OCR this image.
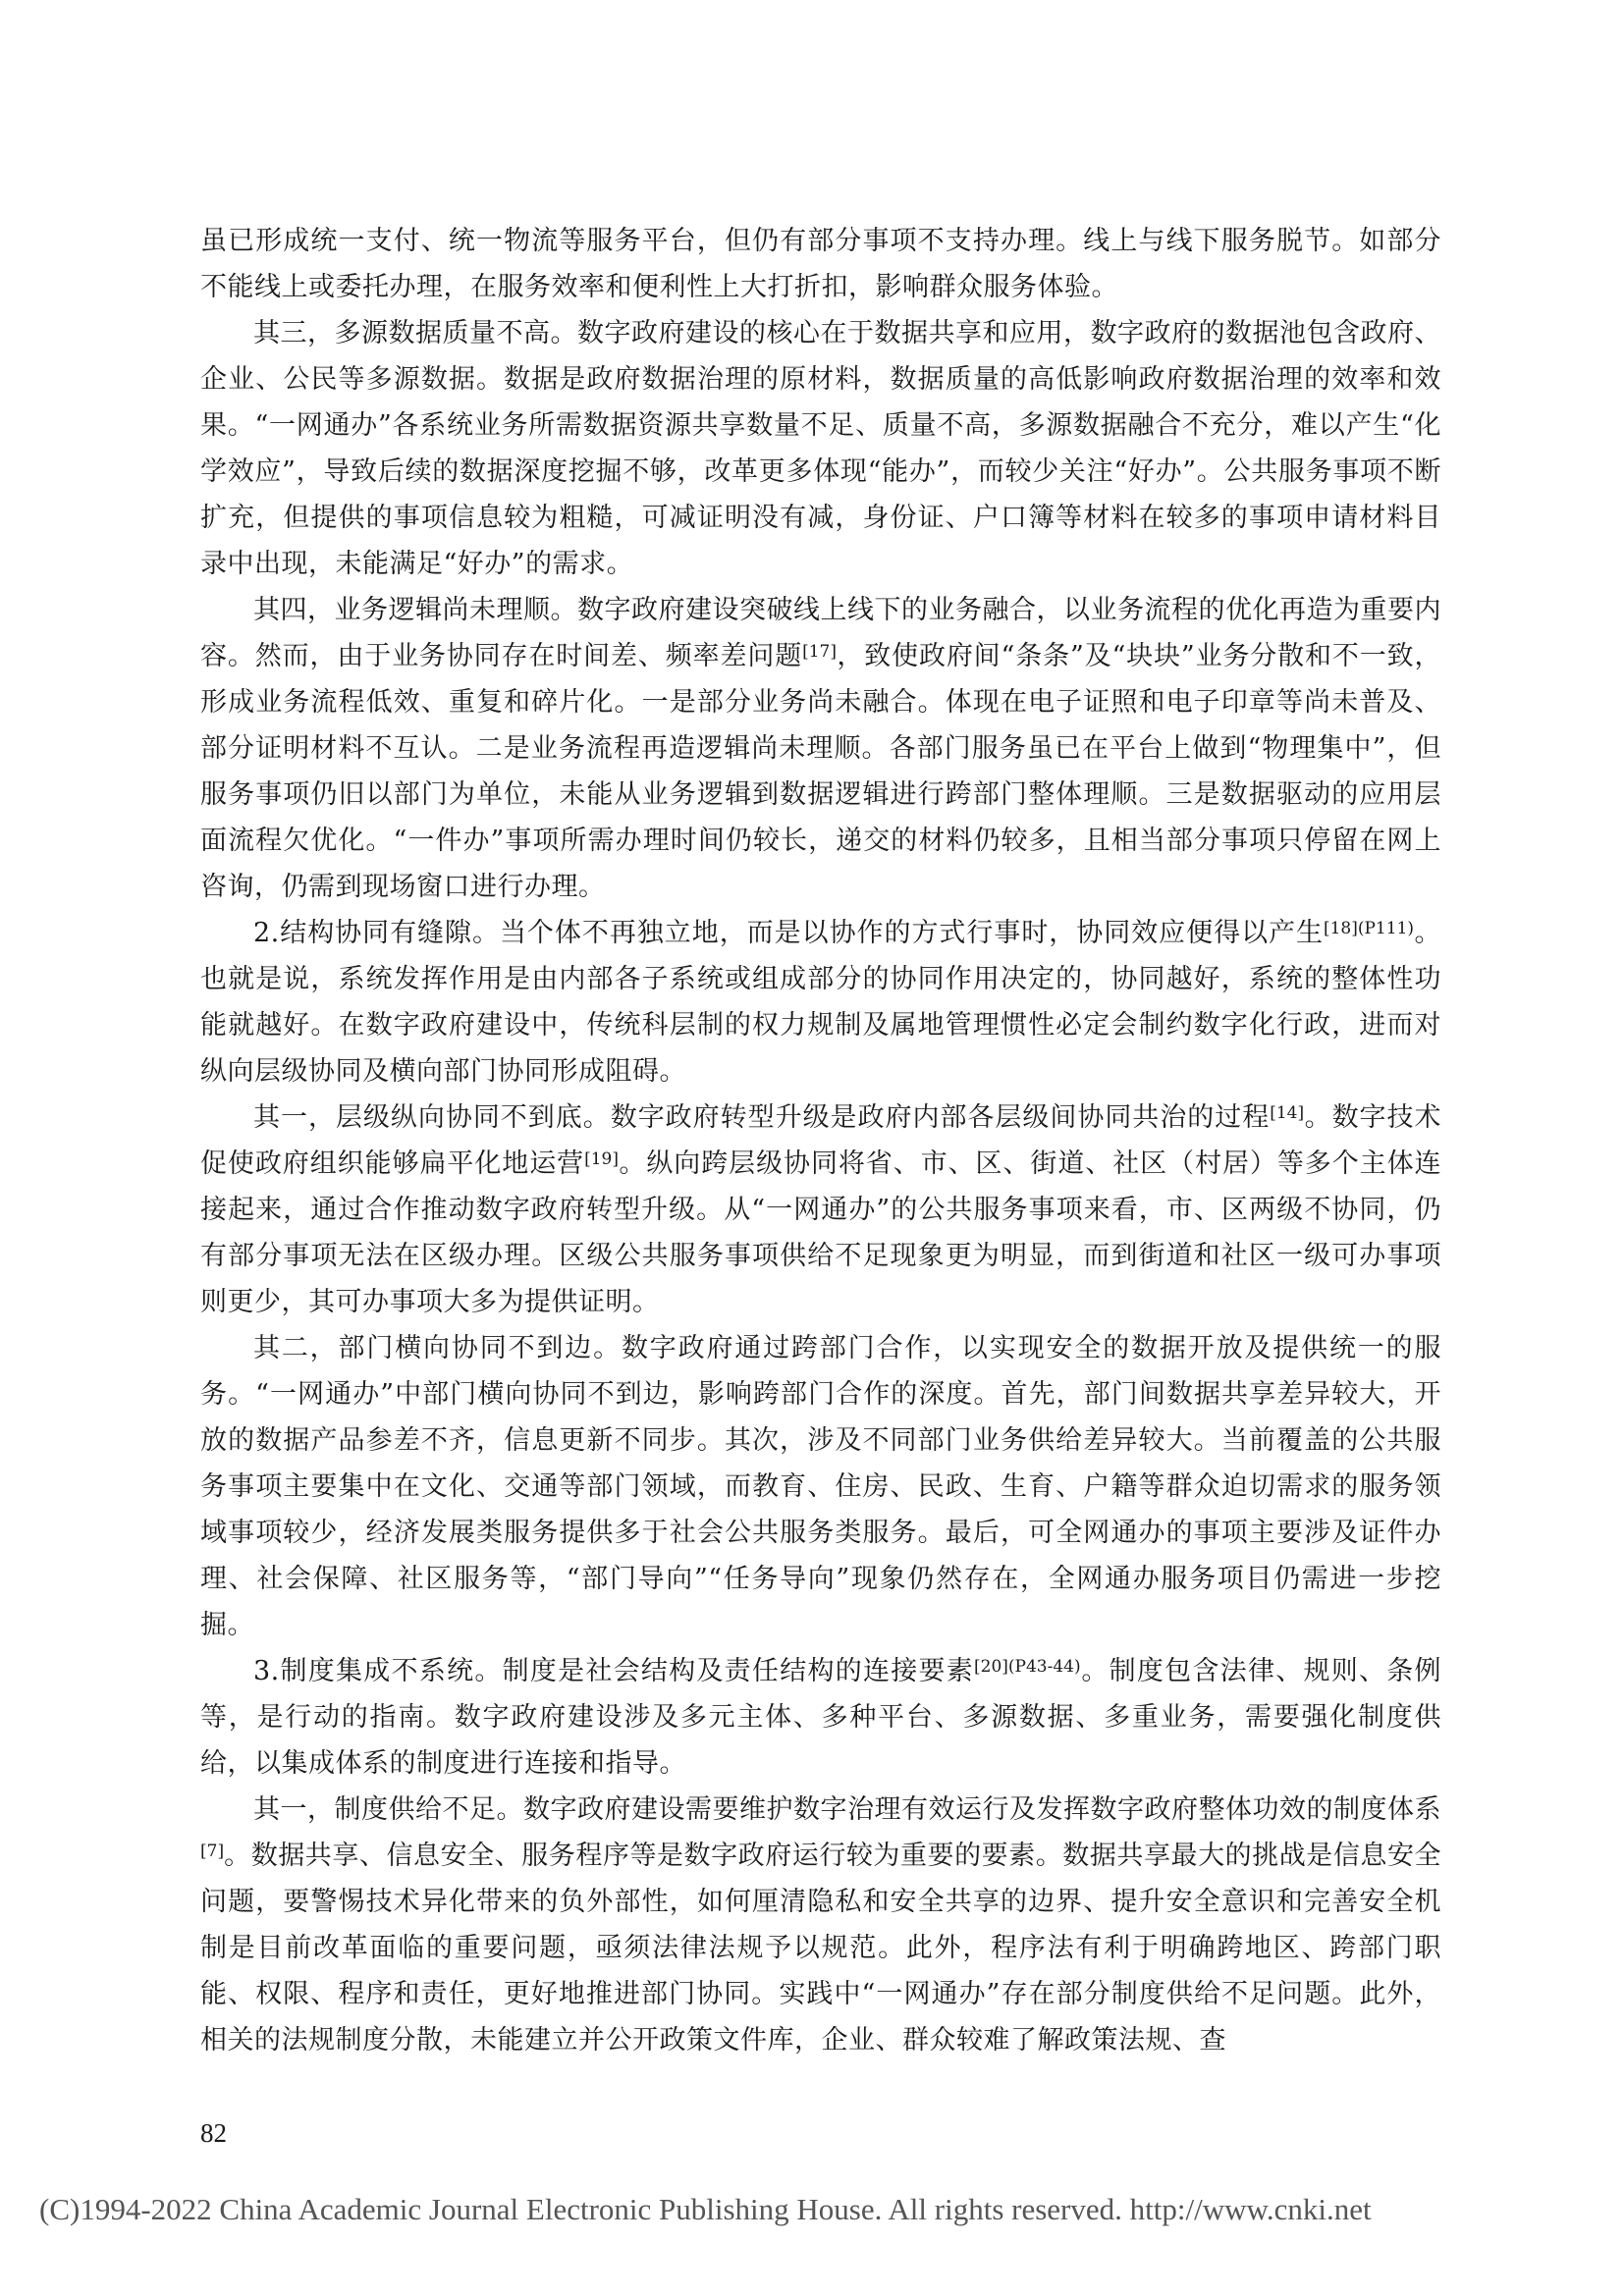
虽已形成统一支付、统一物流等服务平台，但仍有部分事项不支持办理。线上与线下服务脱节。如部分不能线上或委托办理，在服务效率和便利性上大打折扣，影响群众服务体验。

其三，多源数据质量不高。数字政府建设的核心在于数据共享和应用，数字政府的数据池包含政府、企业、公民等多源数据。数据是政府数据治理的原材料，数据质量的高低影响政府数据治理的效率和效果。“一网通办”各系统业务所需数据资源共享数量不足、质量不高，多源数据融合不充分，难以产生“化学效应”，导致后续的数据深度挖掘不够，改革更多体现“能办”，而较少关注“好办”。公共服务事项不断扩充，但提供的事项信息较为粗糙，可减证明没有减，身份证、户口簿等材料在较多的事项申请材料目录中出现，未能满足“好办”的需求。

其四，业务逻辑尚未理顺。数字政府建设突破线上线下的业务融合，以业务流程的优化再造为重要内容。然而，由于业务协同存在时间差、频率差问题[17]，致使政府间“条条”及“块块”业务分散和不一致，形成业务流程低效、重复和碎片化。一是部分业务尚未融合。体现在电子证照和电子印章等尚未普及、部分证明材料不互认。二是业务流程再造逻辑尚未理顺。各部门服务虽已在平台上做到“物理集中”，但服务事项仍旧以部门为单位，未能从业务逻辑到数据逻辑进行跨部门整体理顺。三是数据驱动的应用层面流程欠优化。“一件办”事项所需办理时间仍较长，递交的材料仍较多，且相当部分事项只停留在网上咨询，仍需到现场窗口进行办理。

2.结构协同有缝隙。当个体不再独立地，而是以协作的方式行事时，协同效应便得以产生$^{[18](P111)}$。也就是说，系统发挥作用是由内部各子系统或组成部分的协同作用决定的，协同越好，系统的整体性功能就越好。在数字政府建设中，传统科层制的权力规制及属地管理惯性必定会制约数字化行政，进而对纵向层级协同及横向部门协同形成阻碍。

其一，层级纵向协同不到底。数字政府转型升级是政府内部各层级间协同共治的过程[14]。数字技术促使政府组织能够扁平化地运营[19]。纵向跨层级协同将省、市、区、街道、社区（村居）等多个主体连接起来，通过合作推动数字政府转型升级。从“一网通办”的公共服务事项来看，市、区两级不协同，仍有部分事项无法在区级办理。区级公共服务事项供给不足现象更为明显，而到街道和社区一级可办事项则更少，其可办事项大多为提供证明。

其二，部门横向协同不到边。数字政府通过跨部门合作，以实现安全的数据开放及提供统一的服务。“一网通办”中部门横向协同不到边，影响跨部门合作的深度。首先，部门间数据共享差异较大，开放的数据产品参差不齐，信息更新不同步。其次，涉及不同部门业务供给差异较大。当前覆盖的公共服务事项主要集中在文化、交通等部门领域，而教育、住房、民政、生育、户籍等群众迫切需求的服务领域事项较少，经济发展类服务提供多于社会公共服务类服务。最后，可全网通办的事项主要涉及证件办理、社会保障、社区服务等，“部门导向”“任务导向”现象仍然存在，全网通办服务项目仍需进一步挖掘。

3.制度集成不系统。制度是社会结构及责任结构的连接要素$^{[20](P43-44)}$。制度包含法律、规则、条例等，是行动的指南。数字政府建设涉及多元主体、多种平台、多源数据、多重业务，需要强化制度供给，以集成体系的制度进行连接和指导。

其一，制度供给不足。数字政府建设需要维护数字治理有效运行及发挥数字政府整体功效的制度体系[7]。数据共享、信息安全、服务程序等是数字政府运行较为重要的要素。数据共享最大的挑战是信息安全问题，要警惕技术异化带来的负外部性，如何厘清隐私和安全共享的边界、提升安全意识和完善安全机制是目前改革面临的重要问题，亟须法律法规予以规范。此外，程序法有利于明确跨地区、跨部门职能、权限、程序和责任，更好地推进部门协同。实践中“一网通办”存在部分制度供给不足问题。此外，相关的法规制度分散，未能建立并公开政策文件库，企业、群众较难了解政策法规、查

82
(C)1994-2022 China Academic Journal Electronic Publishing House. All rights reserved. http://www.cnki.net
